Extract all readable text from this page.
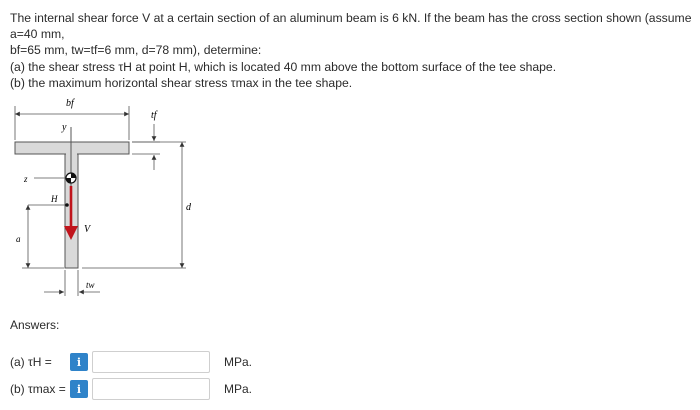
The internal shear force V at a certain section of an aluminum beam is 6 kN. If the beam has the cross section shown (assume a=40 mm,

bf=65 mm, tw=tf=6 mm, d=78 mm), determine:

(a) the shear stress τH at point H, which is located 40 mm above the bottom surface of the tee shape.

(b) the maximum horizontal shear stress τmax in the tee shape.

bf
y
tf
d
z
H
a
V
tw
Answers:
(a) τH =	i	MPa.
(b) τmax =	i	MPa.
